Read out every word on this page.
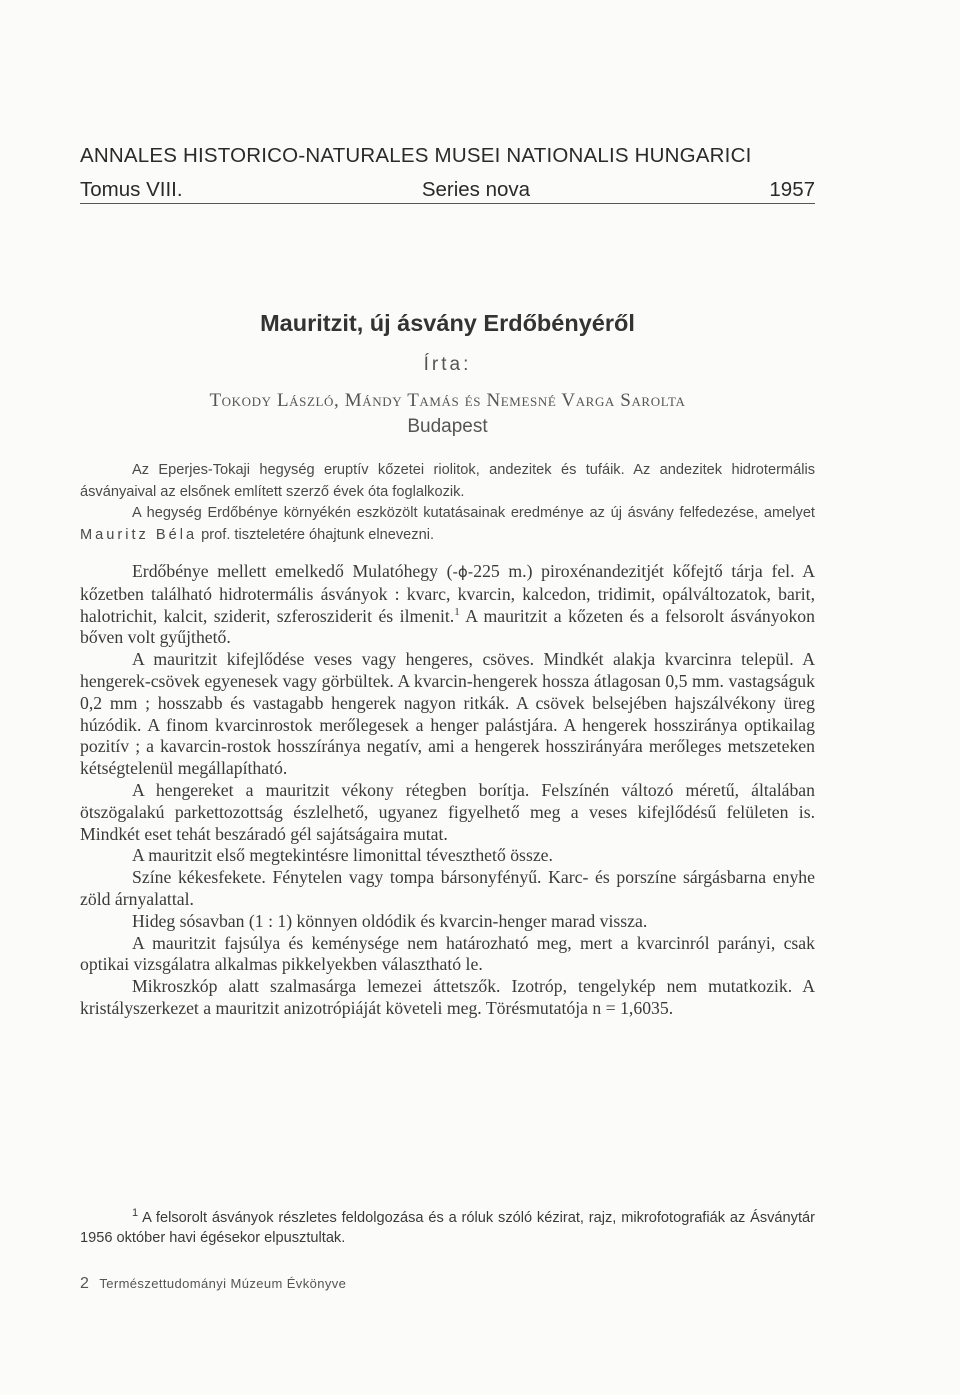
ANNALES HISTORICO-NATURALES MUSEI NATIONALIS HUNGARICI
Tomus VIII.	Series nova	1957
Mauritzit, új ásvány Erdőbényéről
Írta:
Tokody László, Mándy Tamás és Nemesné Varga Sarolta
Budapest

Az Eperjes-Tokaji hegység eruptív kőzetei riolitok, andezitek és tufáik. Az andezitek hidrotermális ásványaival az elsőnek említett szerző évek óta foglalkozik.

A hegység Erdőbénye környékén eszközölt kutatásainak eredménye az új ásvány felfedezése, amelyet Mauritz Béla prof. tiszteletére óhajtunk elnevezni.

Erdőbénye mellett emelkedő Mulatóhegy (-ϕ-225 m.) piroxénandezitjét kőfejtő tárja fel. A kőzetben található hidrotermális ásványok : kvarc, kvarcin, kalcedon, tridimit, opálváltozatok, barit, halotrichit, kalcit, sziderit, szferosziderit és ilmenit.$^1$ A mauritzit a kőzeten és a felsorolt ásványokon bőven volt gyűjthető.

A mauritzit kifejlődése veses vagy hengeres, csöves. Mindkét alakja kvarcinra települ. A hengerek-csövek egyenesek vagy görbültek. A kvarcin-hengerek hossza átlagosan 0,5 mm. vastagságuk 0,2 mm ; hosszabb és vastagabb hengerek nagyon ritkák. A csövek belsejében hajszálvékony üreg húzódik. A finom kvarcinrostok merőlegesek a henger palástjára. A hengerek hossziránya optikailag pozitív ; a kavarcin-rostok hosszíránya negatív, ami a hengerek hosszirányára merőleges metszeteken kétségtelenül megállapítható.

A hengereket a mauritzit vékony rétegben borítja. Felszínén változó méretű, általában ötszögalakú parkettozottság észlelhető, ugyanez figyelhető meg a veses kifejlődésű felületen is. Mindkét eset tehát beszáradó gél sajátságaira mutat.

A mauritzit első megtekintésre limonittal téveszthető össze.

Színe kékesfekete. Fénytelen vagy tompa bársonyfényű. Karc- és porszíne sárgásbarna enyhe zöld árnyalattal.

Hideg sósavban (1 : 1) könnyen oldódik és kvarcin-henger marad vissza.

A mauritzit fajsúlya és keménysége nem határozható meg, mert a kvarcinról parányi, csak optikai vizsgálatra alkalmas pikkelyekben választható le.

Mikroszkóp alatt szalmasárga lemezei áttetszők. Izotróp, tengelykép nem mutatkozik. A kristályszerkezet a mauritzit anizotrópiáját követeli meg. Törésmutatója n = 1,6035.

$^1$ A felsorolt ásványok részletes feldolgozása és a róluk szóló kézirat, rajz, mikrofotografiák az Ásványtár 1956 október havi égésekor elpusztultak.
2 Természettudományi Múzeum Évkönyve
